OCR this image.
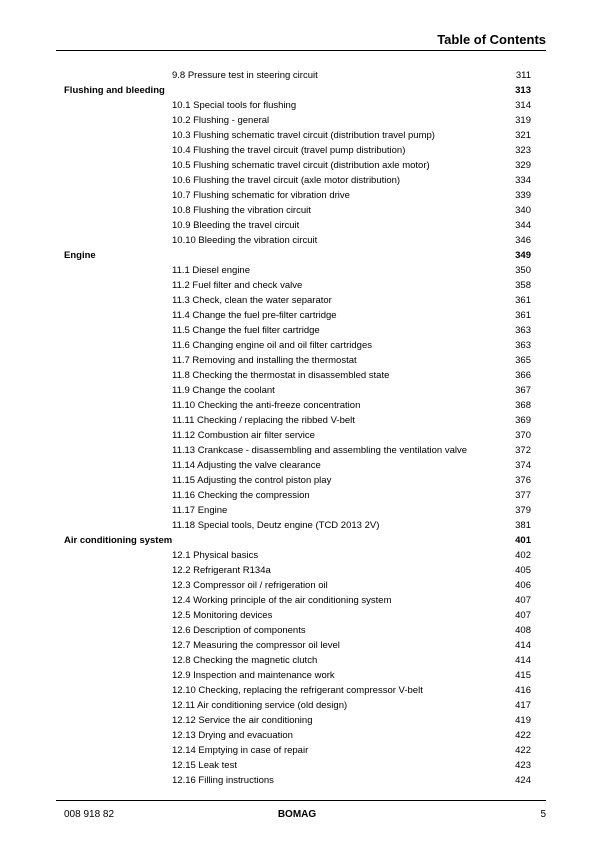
Table of Contents
9.8 Pressure test in steering circuit	311
Flushing and bleeding	313
10.1 Special tools for flushing	314
10.2 Flushing - general	319
10.3 Flushing schematic travel circuit (distribution travel pump)	321
10.4 Flushing the travel circuit (travel pump distribution)	323
10.5 Flushing schematic travel circuit (distribution axle motor)	329
10.6 Flushing the travel circuit (axle motor distribution)	334
10.7 Flushing schematic for vibration drive	339
10.8 Flushing the vibration circuit	340
10.9 Bleeding the travel circuit	344
10.10 Bleeding the vibration circuit	346
Engine	349
11.1 Diesel engine	350
11.2 Fuel filter and check valve	358
11.3 Check, clean the water separator	361
11.4 Change the fuel pre-filter cartridge	361
11.5 Change the fuel filter cartridge	363
11.6 Changing engine oil and oil filter cartridges	363
11.7 Removing and installing the thermostat	365
11.8 Checking the thermostat in disassembled state	366
11.9 Change the coolant	367
11.10 Checking the anti-freeze concentration	368
11.11 Checking / replacing the ribbed V-belt	369
11.12 Combustion air filter service	370
11.13 Crankcase - disassembling and assembling the ventilation valve	372
11.14 Adjusting the valve clearance	374
11.15 Adjusting the control piston play	376
11.16 Checking the compression	377
11.17 Engine	379
11.18 Special tools, Deutz engine (TCD 2013 2V)	381
Air conditioning system	401
12.1 Physical basics	402
12.2 Refrigerant R134a	405
12.3 Compressor oil / refrigeration oil	406
12.4 Working principle of the air conditioning system	407
12.5 Monitoring devices	407
12.6 Description of components	408
12.7 Measuring the compressor oil level	414
12.8 Checking the magnetic clutch	414
12.9 Inspection and maintenance work	415
12.10 Checking, replacing the refrigerant compressor V-belt	416
12.11 Air conditioning service (old design)	417
12.12 Service the air conditioning	419
12.13 Drying and evacuation	422
12.14 Emptying in case of repair	422
12.15 Leak test	423
12.16 Filling instructions	424
008 918 82	BOMAG	5
